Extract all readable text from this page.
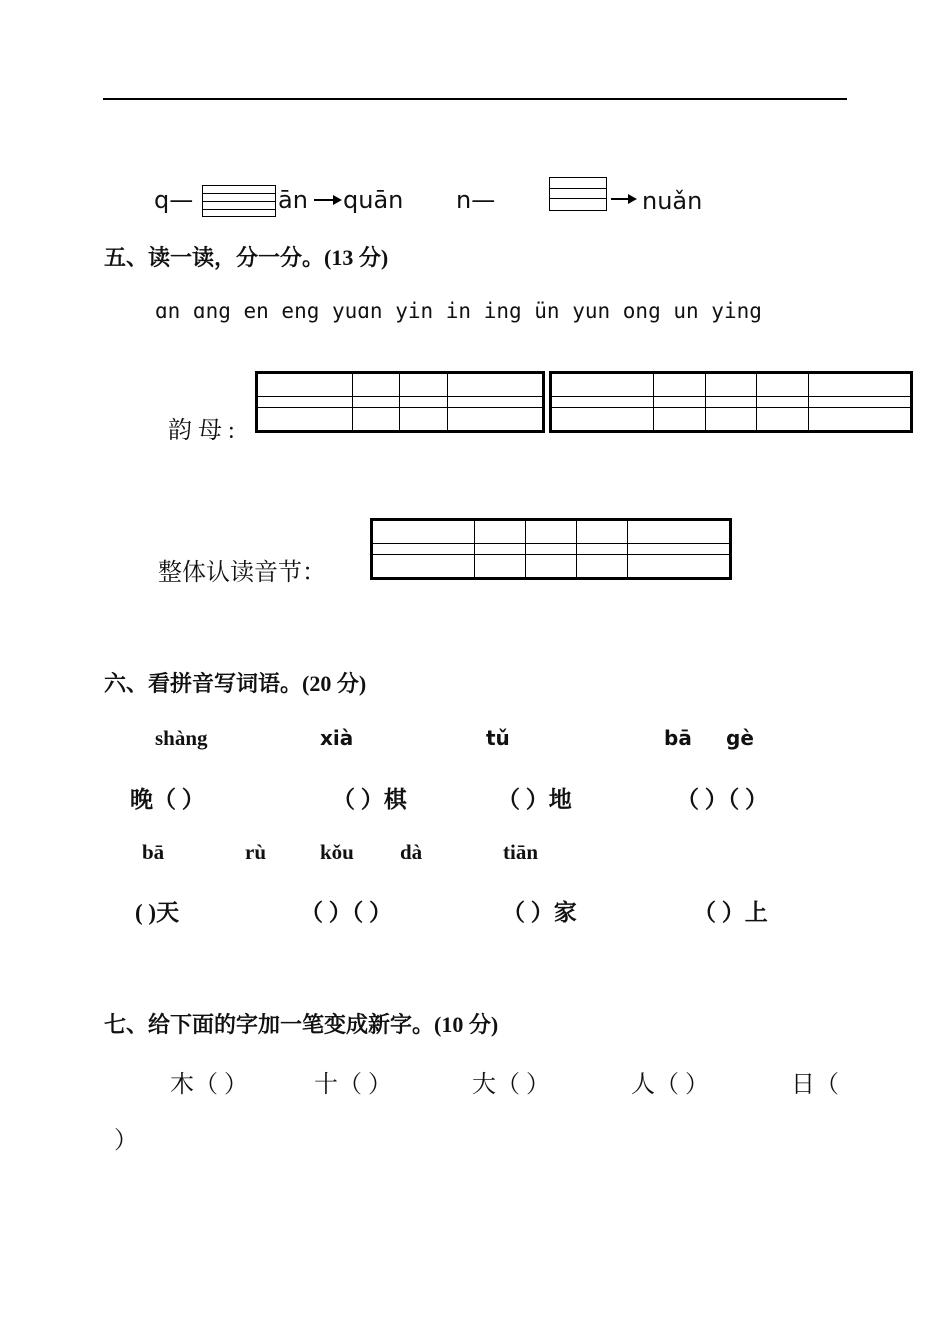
q—	ān quān n—	nuǎn
五、读一读，分一分。(13 分)
ɑn ɑng en eng yuɑn yin in ing ün yun ong un ying
韵 母 :

整体认读音节：

六、看拼音写词语。(20 分)
shàng	xià	tǔ	bā gè
晚（ ）	（ ）棋	（ ）地	（ ）（ ）
bā	rù	kǒu dà	tiān
( )天	（ ）（ ）	（ ）家	（ ）上
七、给下面的字加一笔变成新字。(10 分)
木（ ）	十（ ）	大（ ）	人（ ）	日（
）
